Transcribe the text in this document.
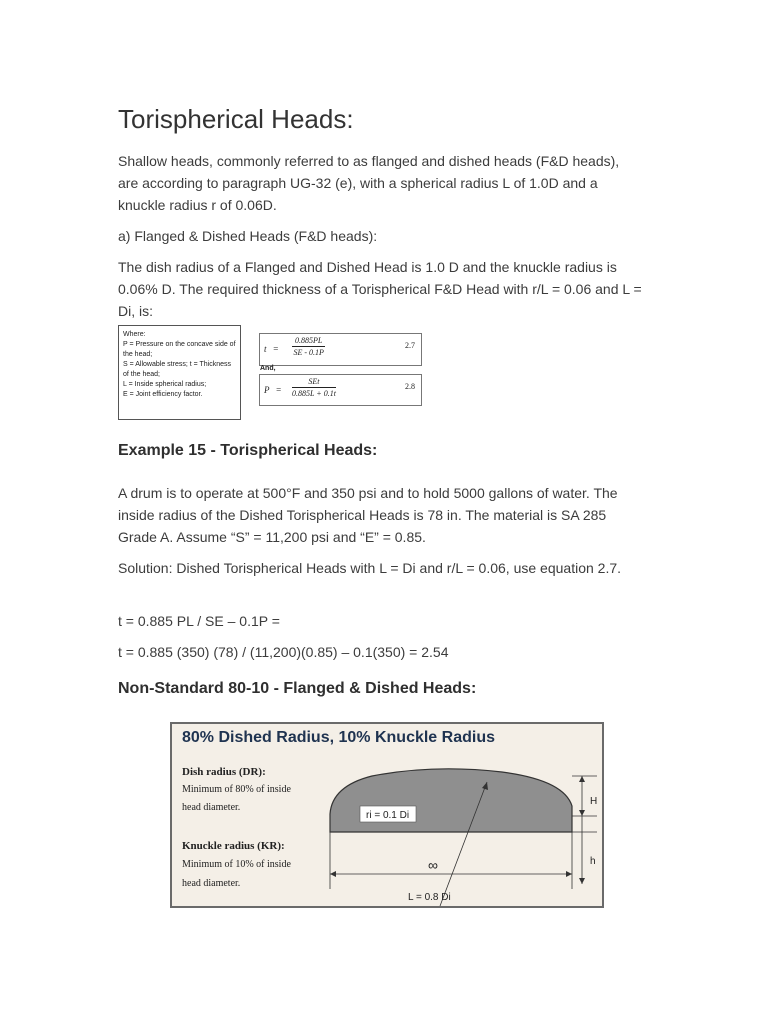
Torispherical Heads:
Shallow heads, commonly referred to as flanged and dished heads (F&D heads), are according to paragraph UG-32 (e), with a spherical radius L of 1.0D and a knuckle radius r of 0.06D.
a) Flanged & Dished Heads (F&D heads):
The dish radius of a Flanged and Dished Head is 1.0 D and the knuckle radius is 0.06% D. The required thickness of a Torispherical F&D Head with r/L = 0.06 and L = Di, is:
Where:
P = Pressure on the concave side of the head;
S = Allowable stress; t = Thickness of the head;
L = Inside spherical radius;
E = Joint efficiency factor.
$t = \frac{0.885PL}{SE - 0.1P}$	2.7
And,
P =
SEt
0.885L + 0.1t
2.8
Example 15 - Torispherical Heads:
A drum is to operate at 500°F and 350 psi and to hold 5000 gallons of water. The inside radius of the Dished Torispherical Heads is 78 in. The material is SA 285 Grade A. Assume “S” = 11,200 psi and “E” = 0.85.
Solution: Dished Torispherical Heads with L = Di and r/L = 0.06, use equation 2.7.
t = 0.885 PL / SE – 0.1P =
t = 0.885 (350) (78) / (11,200)(0.85) – 0.1(350) = 2.54
Non-Standard 80-10 - Flanged & Dished Heads:
80% Dished Radius, 10% Knuckle Radius
Dish radius (DR):
Minimum of 80% of inside
head diameter.
Knuckle radius (KR):
Minimum of 10% of inside
head diameter.
ri = 0.1 Di
∞
L = 0.8 Di
H
h
